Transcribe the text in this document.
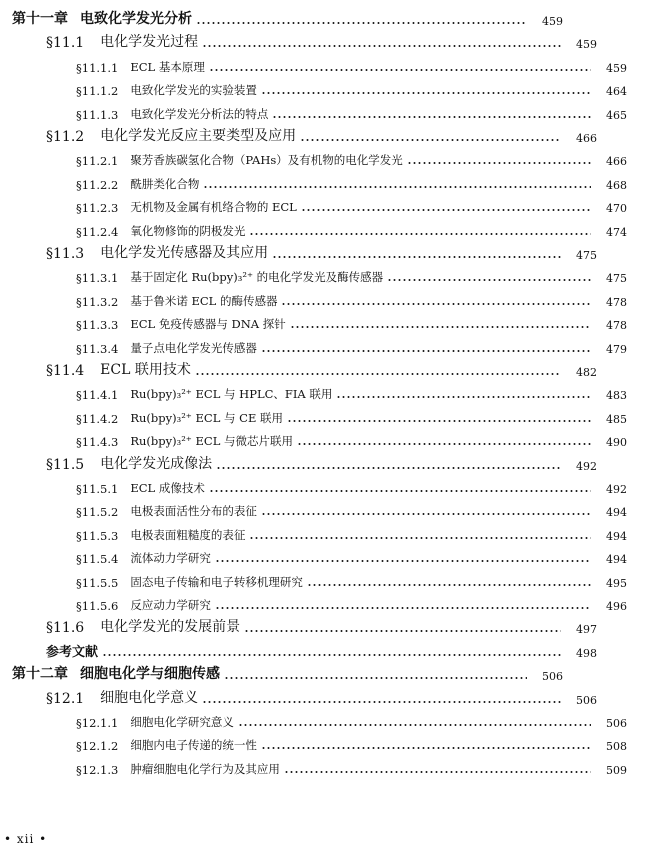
第十一章 电致化学发光分析	459
§11.1 电化学发光过程	459
§11.1.1 ECL 基本原理	459
§11.1.2 电致化学发光的实验装置	464
§11.1.3 电致化学发光分析法的特点	465
§11.2 电化学发光反应主要类型及应用	466
§11.2.1 聚芳香族碳氢化合物（PAHs）及有机物的电化学发光	466
§11.2.2 酰肼类化合物	468
§11.2.3 无机物及金属有机络合物的 ECL	470
§11.2.4 氧化物修饰的阴极发光	474
§11.3 电化学发光传感器及其应用	475
§11.3.1 基于固定化 Ru(bpy)₃²⁺ 的电化学发光及酶传感器	475
§11.3.2 基于鲁米诺 ECL 的酶传感器	478
§11.3.3 ECL 免疫传感器与 DNA 探针	478
§11.3.4 量子点电化学发光传感器	479
§11.4 ECL 联用技术	482
§11.4.1 Ru(bpy)₃²⁺ ECL 与 HPLC、FIA 联用	483
§11.4.2 Ru(bpy)₃²⁺ ECL 与 CE 联用	485
§11.4.3 Ru(bpy)₃²⁺ ECL 与微芯片联用	490
§11.5 电化学发光成像法	492
§11.5.1 ECL 成像技术	492
§11.5.2 电极表面活性分布的表征	494
§11.5.3 电极表面粗糙度的表征	494
§11.5.4 流体动力学研究	494
§11.5.5 固态电子传输和电子转移机理研究	495
§11.5.6 反应动力学研究	496
§11.6 电化学发光的发展前景	497
参考文献	498
第十二章 细胞电化学与细胞传感	506
§12.1 细胞电化学意义	506
§12.1.1 细胞电化学研究意义	506
§12.1.2 细胞内电子传递的统一性	508
§12.1.3 肿瘤细胞电化学行为及其应用	509
• xii •
